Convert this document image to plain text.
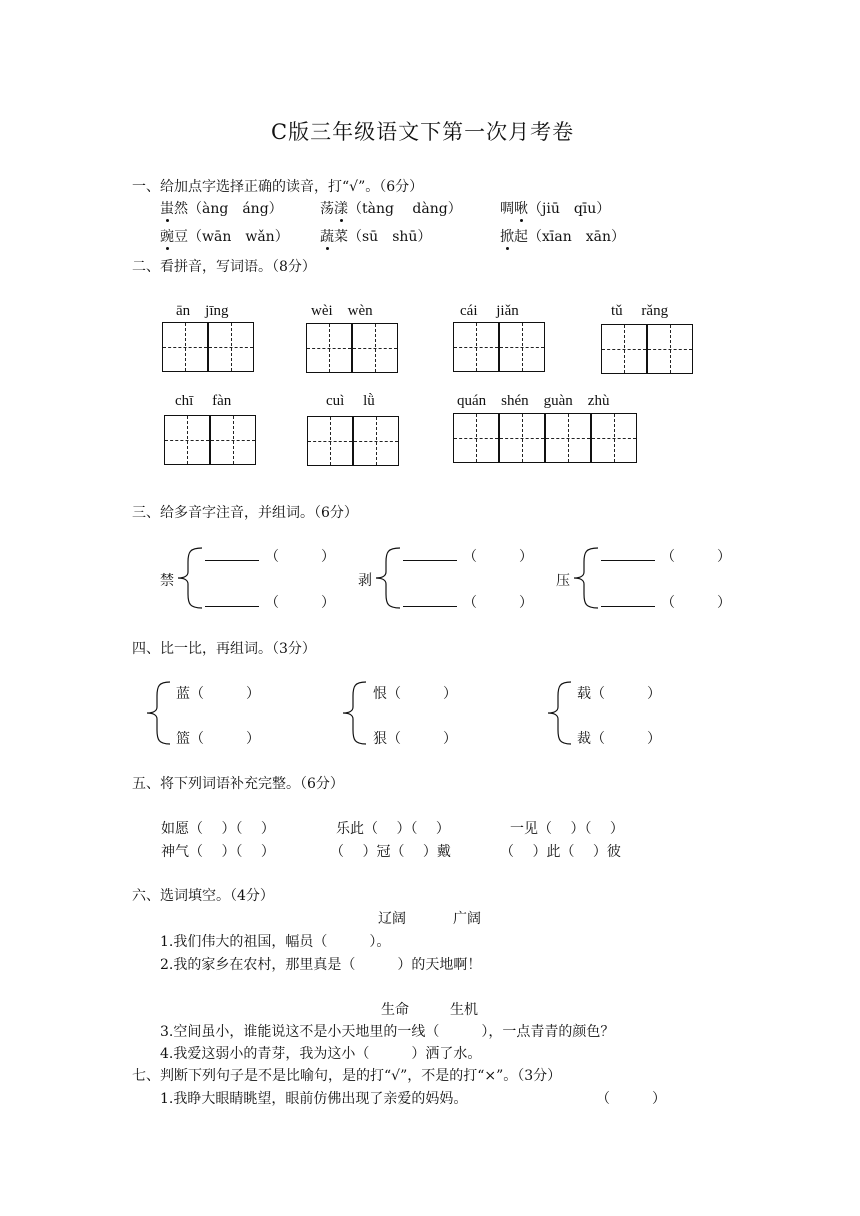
C版三年级语文下第一次月考卷
一、给加点字选择正确的读音，打“√”。（6分）
蚩然（àng　áng）	荡漾（tàng　 dàng）	啁啾（jiū　qīu）
豌豆（wān　wǎn） 蔬菜（sū　shū）	掀起（xīan　xān）
二、看拼音，写词语。（8分）
ān　jīng	wèi　wèn	cái　 jiǎn	tǔ　 rǎng
chī　 fàn	cuì　 lǜ	quán　shén　guàn　zhù
三、给多音字注音，并组词。（6分）
禁
（　　　）
（　　　）
剥
（　　　）
（　　　）
压
（　　　）
（　　　）
四、比一比，再组词。（3分）
蓝（　　　）
篮（　　　）
恨（　　　）
狠（　　　）
载（　　　）
裁（　　　）
五、将下列词语补充完整。（6分）
如愿（　 ）（　 ）	乐此（　 ）（　 ）	一见（　 ）（　 ）
神气（　 ）（　 ）	（　 ）冠（　 ）戴	（　 ）此（　 ）彼
六、选词填空。（4分）
辽阔	广阔
1.我们伟大的祖国，幅员（　　　）。
2.我的家乡在农村，那里真是（　　　）的天地啊！
生命	生机
3.空间虽小，谁能说这不是小天地里的一线（　　　），一点青青的颜色？
4.我爱这弱小的青芽，我为这小（　　　）洒了水。
七、判断下列句子是不是比喻句，是的打“√”，不是的打“×”。（3分）
1.我睁大眼睛眺望，眼前仿佛出现了亲爱的妈妈。	（　　　）
